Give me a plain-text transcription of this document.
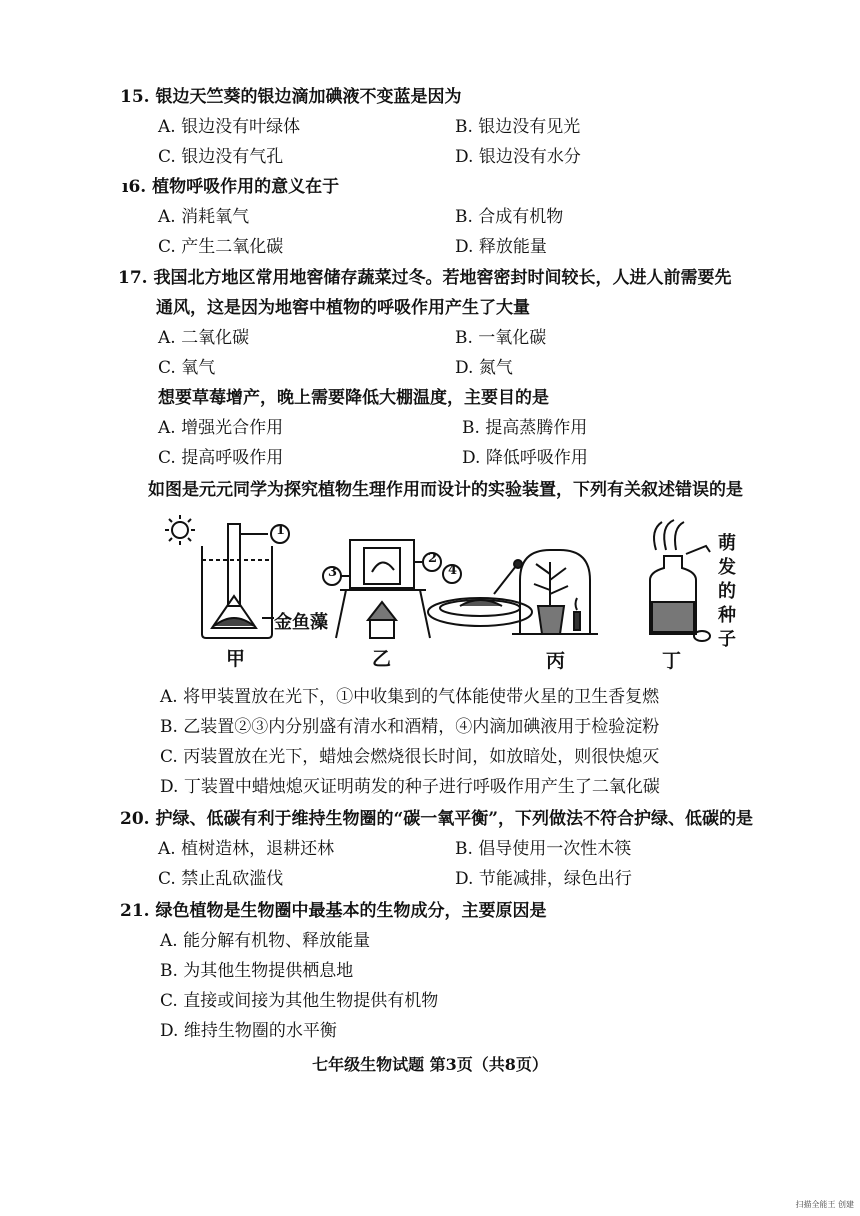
15. 银边天竺葵的银边滴加碘液不变蓝是因为
A. 银边没有叶绿体	B. 银边没有见光
C. 银边没有气孔	D. 银边没有水分
ı6. 植物呼吸作用的意义在于
A. 消耗氧气	B. 合成有机物
C. 产生二氧化碳	D. 释放能量
17. 我国北方地区常用地窖储存蔬菜过冬。若地窖密封时间较长，人进人前需要先
通风，这是因为地窖中植物的呼吸作用产生了大量
A. 二氧化碳	B. 一氧化碳
C. 氧气	D. 氮气
想要草莓增产，晚上需要降低大棚温度，主要目的是
A. 增强光合作用	B. 提高蒸腾作用
C. 提高呼吸作用	D. 降低呼吸作用
如图是元元同学为探究植物生理作用而设计的实验装置，下列有关叙述错误的是
1
2
3	4
金鱼藻
甲	乙	丙	丁
萌
发
的
种
子
A. 将甲装置放在光下，①中收集到的气体能使带火星的卫生香复燃
B. 乙装置②③内分别盛有清水和酒精，④内滴加碘液用于检验淀粉
C. 丙装置放在光下，蜡烛会燃烧很长时间，如放暗处，则很快熄灭
D. 丁装置中蜡烛熄灭证明萌发的种子进行呼吸作用产生了二氧化碳
20. 护绿、低碳有利于维持生物圈的“碳一氧平衡”，下列做法不符合护绿、低碳的是
A. 植树造林，退耕还林	B. 倡导使用一次性木筷
C. 禁止乱砍滥伐	D. 节能减排，绿色出行
21. 绿色植物是生物圈中最基本的生物成分，主要原因是
A. 能分解有机物、释放能量
B. 为其他生物提供栖息地
C. 直接或间接为其他生物提供有机物
D. 维持生物圈的水平衡
七年级生物试题 第3页（共8页）
扫描全能王 创建
